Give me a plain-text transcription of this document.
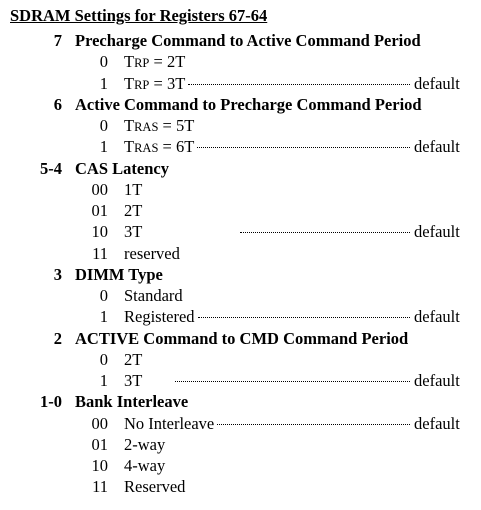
SDRAM Settings for Registers 67-64
7 Precharge Command to Active Command Period
0 TRP = 2T
1 TRP = 3T	default
6 Active Command to Precharge Command Period
0 TRAS = 5T
1 TRAS = 6T	default
5-4 CAS Latency
00 1T
01 2T
10 3T	default
11 reserved
3 DIMM Type
0 Standard
1 Registered	default
2 ACTIVE Command to CMD Command Period
0 2T
1 3T	default
1-0 Bank Interleave
00 No Interleave	default
01 2-way
10 4-way
11 Reserved
